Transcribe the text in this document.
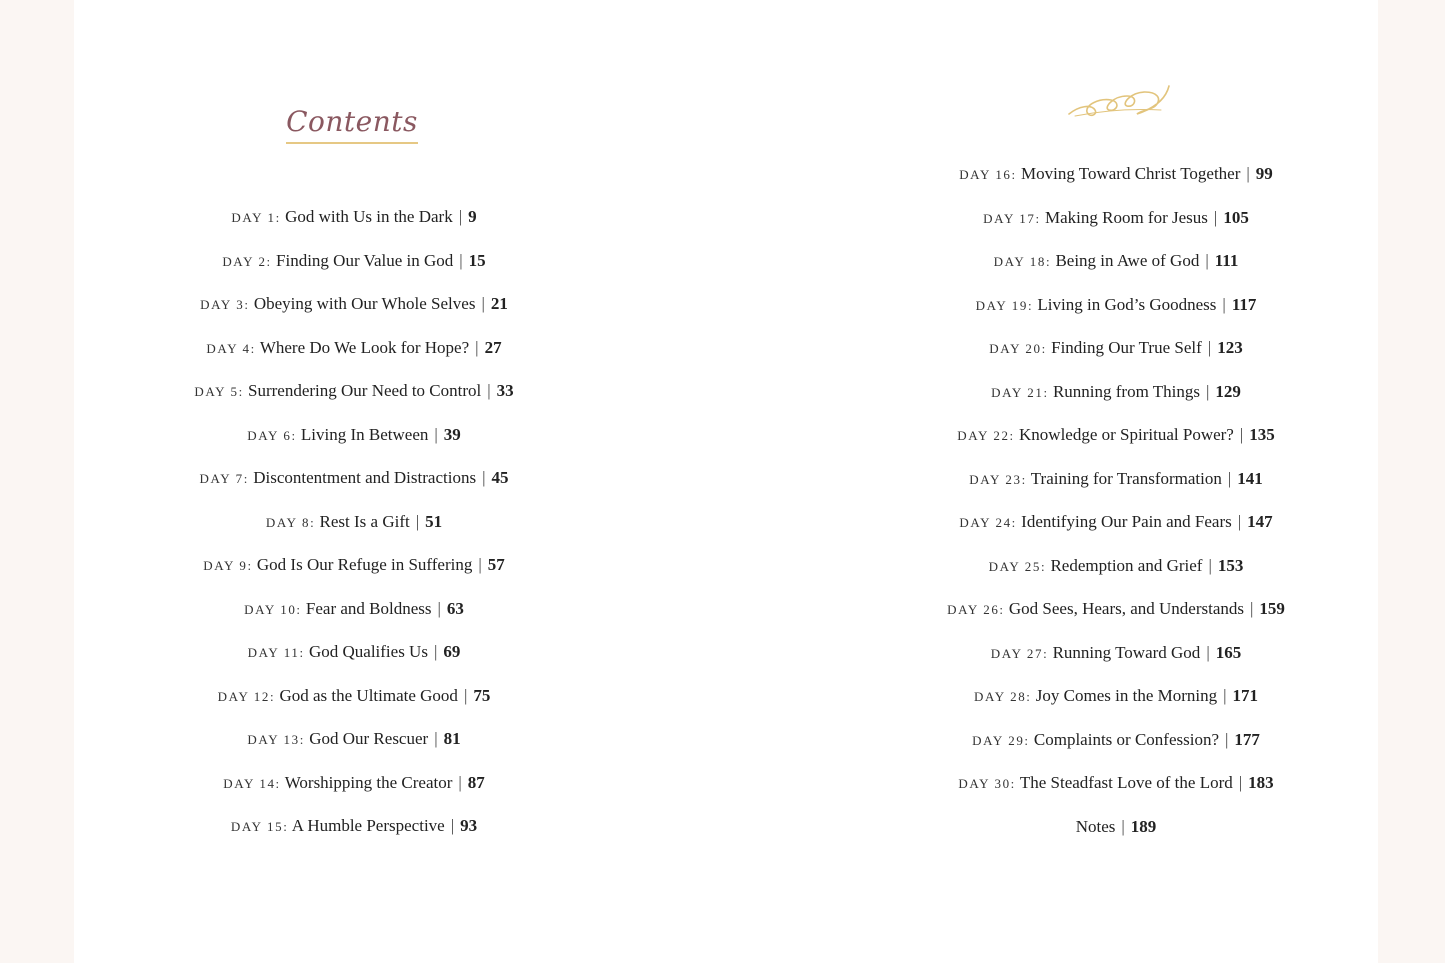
Contents
DAY 1: God with Us in the Dark | 9
DAY 2: Finding Our Value in God | 15
DAY 3: Obeying with Our Whole Selves | 21
DAY 4: Where Do We Look for Hope? | 27
DAY 5: Surrendering Our Need to Control | 33
DAY 6: Living In Between | 39
DAY 7: Discontentment and Distractions | 45
DAY 8: Rest Is a Gift | 51
DAY 9: God Is Our Refuge in Suffering | 57
DAY 10: Fear and Boldness | 63
DAY 11: God Qualifies Us | 69
DAY 12: God as the Ultimate Good | 75
DAY 13: God Our Rescuer | 81
DAY 14: Worshipping the Creator | 87
DAY 15: A Humble Perspective | 93
DAY 16: Moving Toward Christ Together | 99
DAY 17: Making Room for Jesus | 105
DAY 18: Being in Awe of God | 111
DAY 19: Living in God’s Goodness | 117
DAY 20: Finding Our True Self | 123
DAY 21: Running from Things | 129
DAY 22: Knowledge or Spiritual Power? | 135
DAY 23: Training for Transformation | 141
DAY 24: Identifying Our Pain and Fears | 147
DAY 25: Redemption and Grief | 153
DAY 26: God Sees, Hears, and Understands | 159
DAY 27: Running Toward God | 165
DAY 28: Joy Comes in the Morning | 171
DAY 29: Complaints or Confession? | 177
DAY 30: The Steadfast Love of the Lord | 183
Notes | 189
